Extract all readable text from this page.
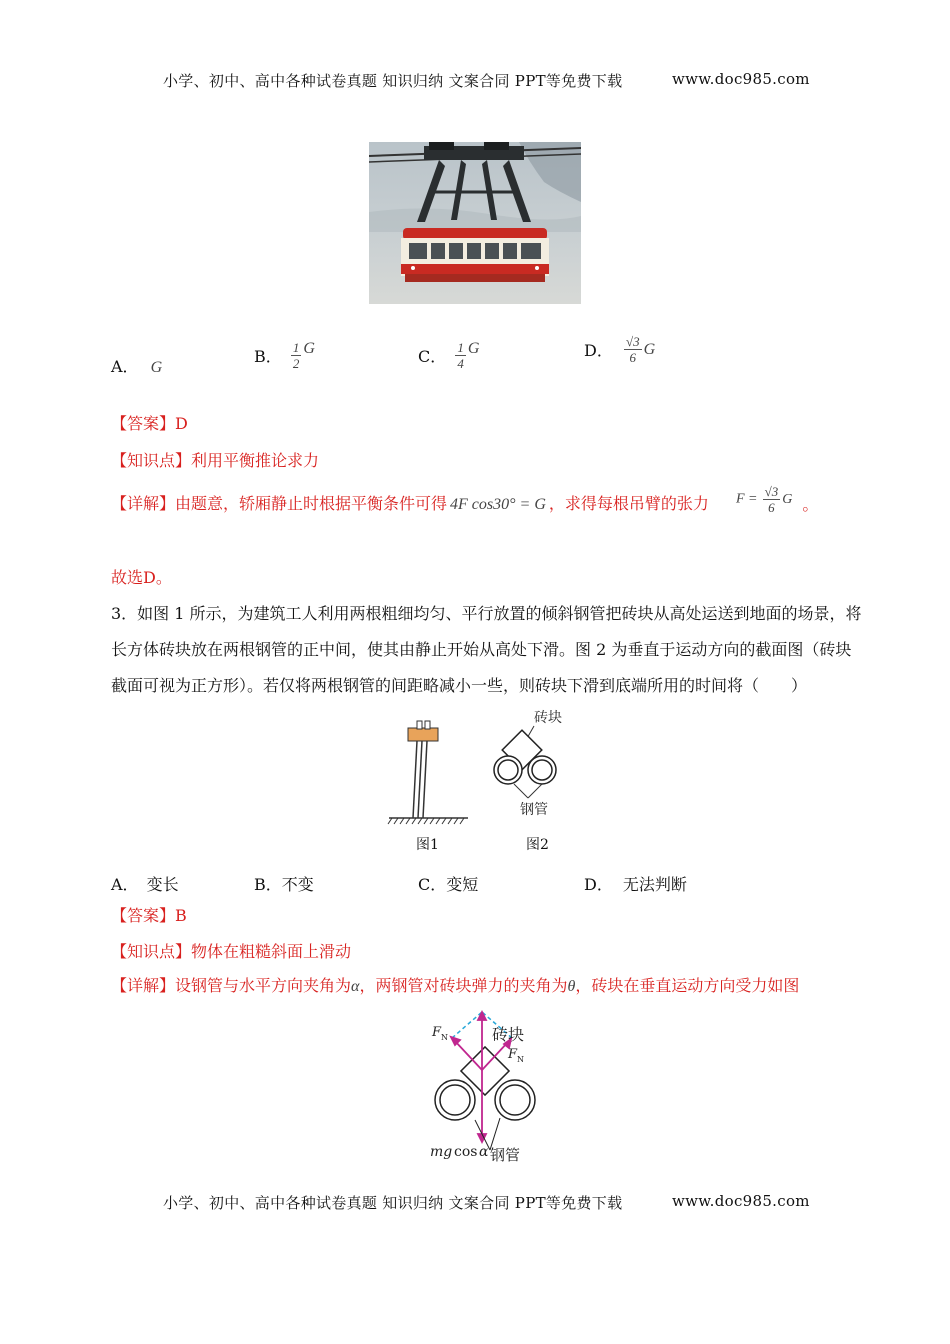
小学、初中、高中各种试卷真题 知识归纳 文案合同 PPT等免费下载	www.doc985.com
A． G
B． $\frac{1}{2}$ G	C． $\frac{1}{4}$ G	D． $\frac{√3}{6}$ G
【答案】D
【知识点】利用平衡推论求力
【详解】由题意，轿厢静止时根据平衡条件可得 4F cos30° = G ，求得每根吊臂的张力 $F = \frac{√3}{6}$ G 。
故选D。
3．如图 1 所示，为建筑工人利用两根粗细均匀、平行放置的倾斜钢管把砖块从高处运送到地面的场景，将
长方体砖块放在两根钢管的正中间，使其由静止开始从高处下滑。图 2 为垂直于运动方向的截面图（砖块
截面可视为正方形）。若仅将两根钢管的间距略减小一些，则砖块下滑到底端所用的时间将（　　）
图1
砖块
钢管
图2
A． 变长	B．不变	C．变短	D． 无法判断
【答案】B
【知识点】物体在粗糙斜面上滑动
【详解】设钢管与水平方向夹角为α，两钢管对砖块弹力的夹角为θ，砖块在垂直运动方向受力如图
F N	砖块
F N
mg cos α 钢管
小学、初中、高中各种试卷真题 知识归纳 文案合同 PPT等免费下载	www.doc985.com
